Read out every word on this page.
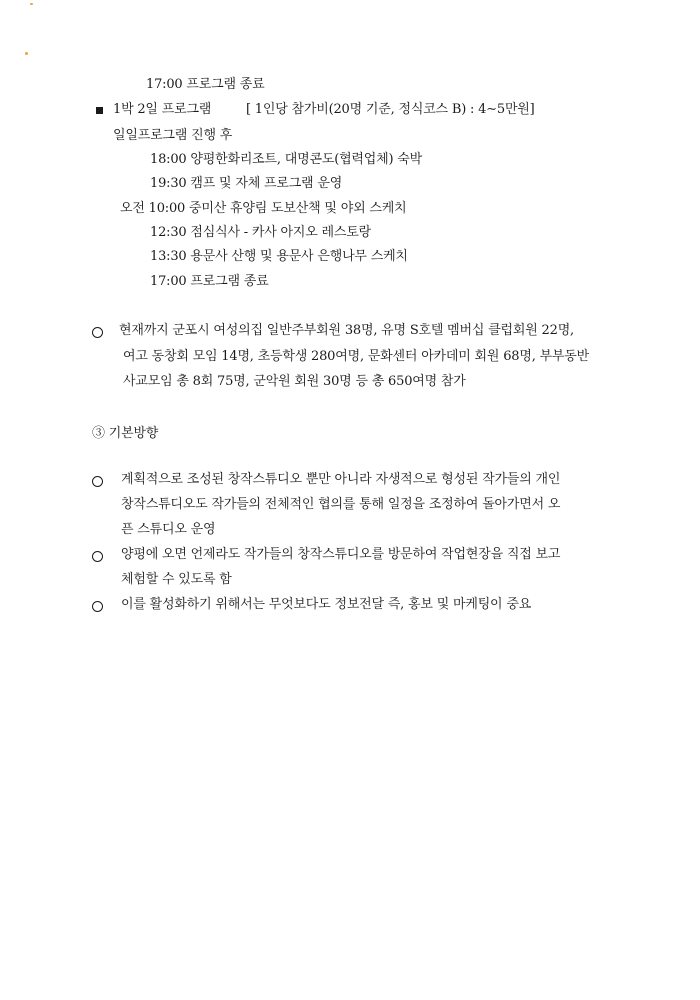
17:00 프로그램 종료
1박 2일 프로그램	[ 1인당 참가비(20명 기준, 정식코스 B) : 4∼5만원]
일일프로그램 진행 후
18:00 양평한화리조트, 대명콘도(협력업체) 숙박
19:30 캠프 및 자체 프로그램 운영
오전 10:00 중미산 휴양림 도보산책 및 야외 스케치
12:30 점심식사 - 카사 아지오 레스토랑
13:30 용문사 산행 및 용문사 은행나무 스케치
17:00 프로그램 종료
현재까지 군포시 여성의집 일반주부회원 38명, 유명 S호텔 멤버십 클럽회원 22명,
여고 동창회 모임 14명, 초등학생 280여명, 문화센터 아카데미 회원 68명, 부부동반
사교모임 총 8회 75명, 군악원 회원 30명 등 총 650여명 참가
③ 기본방향
계획적으로 조성된 창작스튜디오 뿐만 아니라 자생적으로 형성된 작가들의 개인
창작스튜디오도 작가들의 전체적인 협의를 통해 일정을 조정하여 돌아가면서 오
픈 스튜디오 운영
양평에 오면 언제라도 작가들의 창작스튜디오를 방문하여 작업현장을 직접 보고
체험할 수 있도록 함
이를 활성화하기 위해서는 무엇보다도 정보전달 즉, 홍보 및 마케팅이 중요
